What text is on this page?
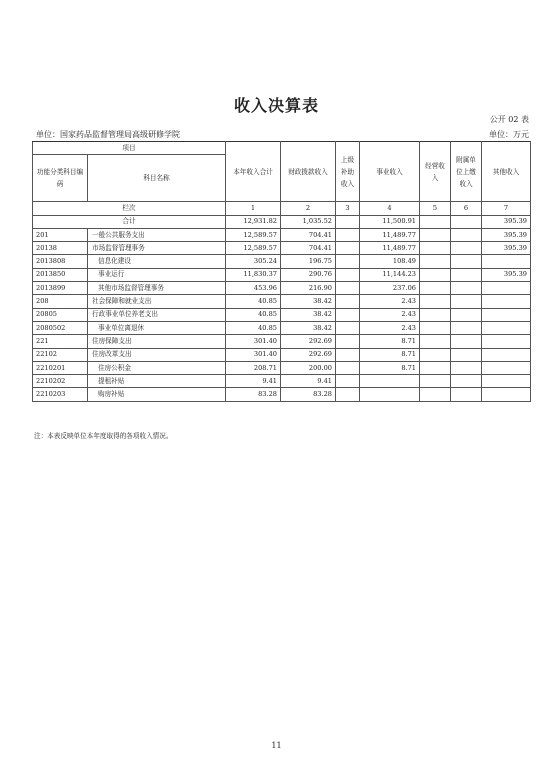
收入决算表
公开 02 表
单位：国家药品监督管理局高级研修学院	单位：万元
项目		本年收入合计	财政拨款收入	上级补助收入	事业收入	经营收入	附属单位上缴收入	其他收入
功能分类科目编码	科目名称							
栏次		1	2	3	4	5	6	7
合计		12,931.82	1,035.52		11,500.91			395.39
201	一般公共服务支出	12,589.57	704.41		11,489.77			395.39
20138	市场监督管理事务	12,589.57	704.41		11,489.77			395.39
2013808	信息化建设	305.24	196.75		108.49			
2013850	事业运行	11,830.37	290.76		11,144.23			395.39
2013899	其他市场监督管理事务	453.96	216.90		237.06			
208	社会保障和就业支出	40.85	38.42		2.43			
20805	行政事业单位养老支出	40.85	38.42		2.43			
2080502	事业单位离退休	40.85	38.42		2.43			
221	住房保障支出	301.40	292.69		8.71			
22102	住房改革支出	301.40	292.69		8.71			
2210201	住房公积金	208.71	200.00		8.71			
2210202	提租补贴	9.41	9.41					
2210203	购房补贴	83.28	83.28					
注：本表反映单位本年度取得的各项收入情况。
11
